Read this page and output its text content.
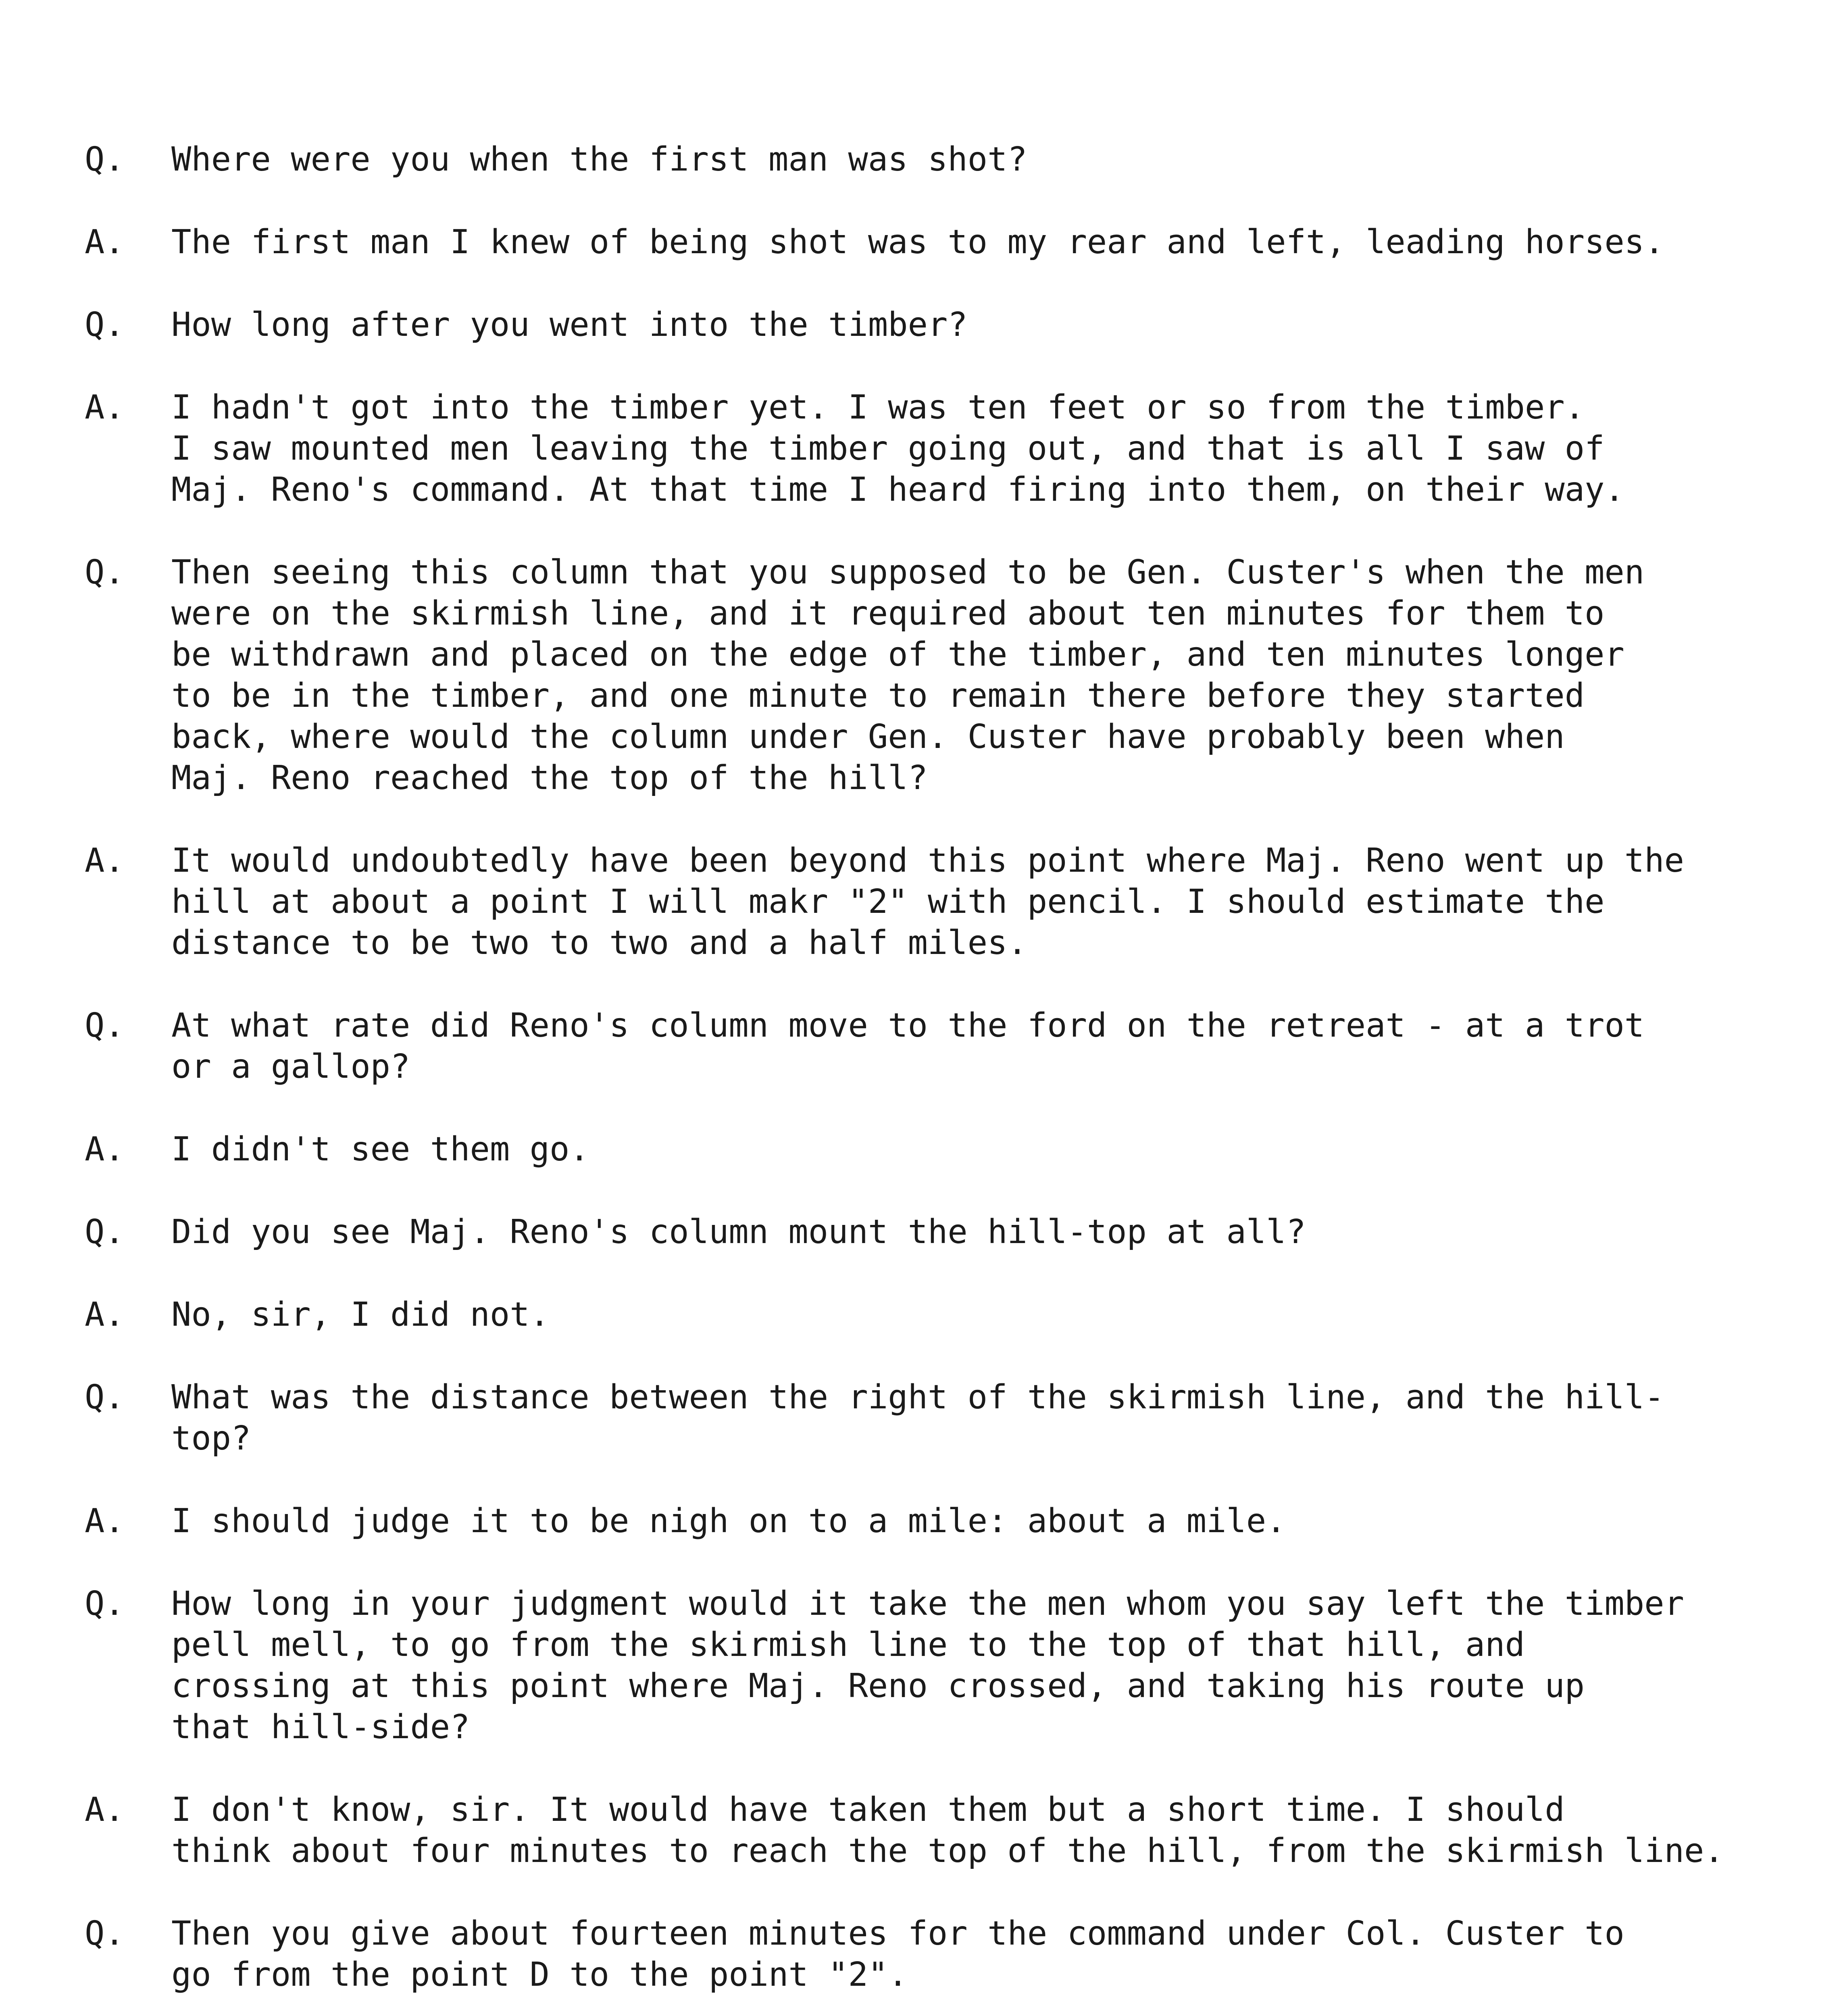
Q.	Where were you when the first man was shot?
A.	The first man I knew of being shot was to my rear and left, leading horses.
Q.	How long after you went into the timber?
A.	I hadn't got into the timber yet. I was ten feet or so from the timber.
I saw mounted men leaving the timber going out, and that is all I saw of
Maj. Reno's command. At that time I heard firing into them, on their way.
Q.	Then seeing this column that you supposed to be Gen. Custer's when the men
were on the skirmish line, and it required about ten minutes for them to
be withdrawn and placed on the edge of the timber, and ten minutes longer
to be in the timber, and one minute to remain there before they started
back, where would the column under Gen. Custer have probably been when
Maj. Reno reached the top of the hill?
A.	It would undoubtedly have been beyond this point where Maj. Reno went up the
hill at about a point I will makr "2" with pencil. I should estimate the
distance to be two to two and a half miles.
Q.	At what rate did Reno's column move to the ford on the retreat - at a trot
or a gallop?
A.	I didn't see them go.
Q.	Did you see Maj. Reno's column mount the hill-top at all?
A.	No, sir, I did not.
Q.	What was the distance between the right of the skirmish line, and the hill-
top?
A.	I should judge it to be nigh on to a mile: about a mile.
Q.	How long in your judgment would it take the men whom you say left the timber
pell mell, to go from the skirmish line to the top of that hill, and
crossing at this point where Maj. Reno crossed, and taking his route up
that hill-side?
A.	I don't know, sir. It would have taken them but a short time. I should
think about four minutes to reach the top of the hill, from the skirmish line.
Q.	Then you give about fourteen minutes for the command under Col. Custer to
go from the point D to the point "2".
